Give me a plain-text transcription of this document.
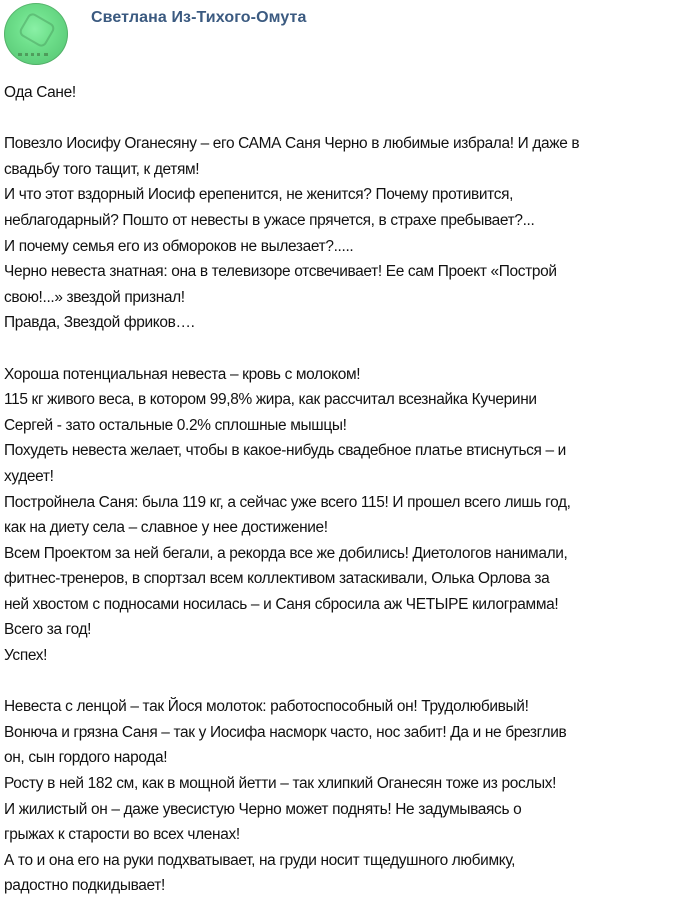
Светлана Из-Тихого-Омута
Ода Сане!
Повезло Иосифу Оганесяну – его САМА Саня Черно в любимые избрала! И даже в
свадьбу того тащит, к детям!
И что этот вздорный Иосиф ерепенится, не женится? Почему противится,
неблагодарный? Пошто от невесты в ужасе прячется, в страхе пребывает?...
И почему семья его из обмороков не вылезает?.....
Черно невеста знатная: она в телевизоре отсвечивает! Ее сам Проект «Построй
свою!...» звездой признал!
Правда, Звездой фриков….
Хороша потенциальная невеста – кровь с молоком!
115 кг живого веса, в котором 99,8% жира, как рассчитал всезнайка Кучерини
Сергей - зато остальные 0.2% сплошные мышцы!
Похудеть невеста желает, чтобы в какое-нибудь свадебное платье втиснуться – и
худеет!
Постройнела Саня: была 119 кг, а сейчас уже всего 115! И прошел всего лишь год,
как на диету села – славное у нее достижение!
Всем Проектом за ней бегали, а рекорда все же добились! Диетологов нанимали,
фитнес-тренеров, в спортзал всем коллективом затаскивали, Олька Орлова за
ней хвостом с подносами носилась – и Саня сбросила аж ЧЕТЫРЕ килограмма!
Всего за год!
Успех!
Невеста с ленцой – так Йося молоток: работоспособный он! Трудолюбивый!
Вонюча и грязна Саня – так у Иосифа насморк часто, нос забит! Да и не брезглив
он, сын гордого народа!
Росту в ней 182 см, как в мощной йетти – так хлипкий Оганесян тоже из рослых!
И жилистый он – даже увесистую Черно может поднять! Не задумываясь о
грыжах к старости во всех членах!
А то и она его на руки подхватывает, на груди носит тщедушного любимку,
радостно подкидывает!
